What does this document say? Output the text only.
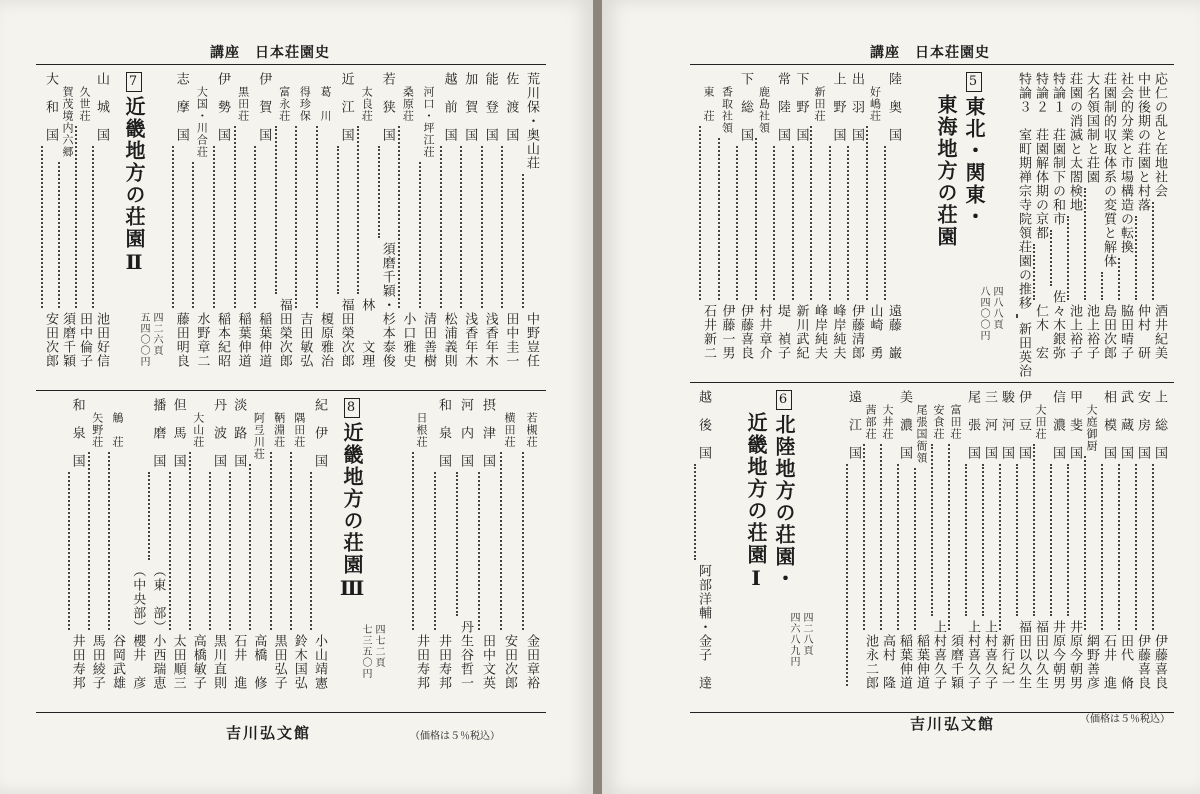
講座　日本荘園史
荒川保・奥山荘
中野豈任
佐　渡　国
田中圭一
能　登　国
浅香年木
加　賀　国
浅香年木
越　前　国
松浦義則
河口・坪江荘
清田善樹
桑原荘
小口雅史
若　狭　国
須磨千穎・杉本泰俊
太良荘
林　　文理
近　江　国
福田榮次郎
葛　川
榎原雅治
得珍保
吉田敏弘
富永荘
福田榮次郎
伊　賀　国
稲葉伸道
黒田荘
稲葉伸道
伊　勢　国
稲本紀昭
大国・川合荘
水野章二
志　摩　国
藤田明良
四二六頁
五四〇〇円
7近畿地方の荘園Ⅱ
山　城　国
池田好信
久世荘
田中倫子
賀茂境内六郷
須磨千穎
大　和　国
安田次郎
若槻荘
金田章裕
横田荘
安田次郎
摂　津　国
田中文英
河　内　国
丹生谷哲一
和　泉　国
井田寿邦
日根荘
井田寿邦
四七二頁
七三五〇円
8近畿地方の荘園Ⅲ
紀　伊　国
小山靖憲
隅田荘
鈴木国弘
鞆淵荘
黒田弘子
阿弖川荘
高橋　修
淡　路　国
石井　進
丹　波　国
黒川直則
大山荘
高橋敏子
但　馬　国
太田順三
播　磨　国
（東　部）小西瑞恵
（中央部）櫻井　彦
鵤　荘
谷岡武雄
矢野荘
馬田綾子
和　泉　国
井田寿邦
吉川弘文館	（価格は５％税込）
講座　日本荘園史
応仁の乱と在地社会
酒井紀美
中世後期の荘園と村落
仲村　研
社会的分業と市場構造の転換
脇田晴子
荘園制的収取体系の変質と解体
島田次郎
大名領国制と荘園
池上裕子
荘園の消滅と太閤検地
池上裕子
特論１　荘園制下の和市
佐々木銀弥
特論２　荘園解体期の京都
仁木　宏
特論３　室町期禅宗寺院領荘園の推移
新田英治
四八八頁
八四〇〇円
5東北・関東・
東海地方の荘園
陸　奥　国
遠藤　巌
好嶋荘
山崎　勇
出　羽　国
伊藤清郎
上　野　国
峰岸純夫
新田荘
峰岸純夫
下　野　国
新川武紀
常　陸　国
堤　禎子
鹿島社領
村井章介
下　総　国
伊藤喜良
香取社領
伊藤一男
東　荘
石井新二
上　総　国
伊藤喜良
安　房　国
伊藤喜良
武　蔵　国
田代　脩
相　模　国
石井　進
大庭御厨
網野善彦
甲　斐　国
井原今朝男
信　濃　国
井原今朝男
大田荘
福田以久生
伊　豆　国
福田以久生
駿　河　国
新行紀一
三　河　国
上村喜久子
尾　張　国
上村喜久子
富田荘
須磨千穎
安食荘
上村喜久子
尾張国衙領
稲葉伸道
美　濃　国
稲葉伸道
大井荘
高村　隆
茜部荘
池永二郎
遠　江　国
四二八頁
四六八九円
6北陸地方の荘園・
近畿地方の荘園Ⅰ
越　後　国
阿部洋輔・金子　達
吉川弘文館	（価格は５％税込）
